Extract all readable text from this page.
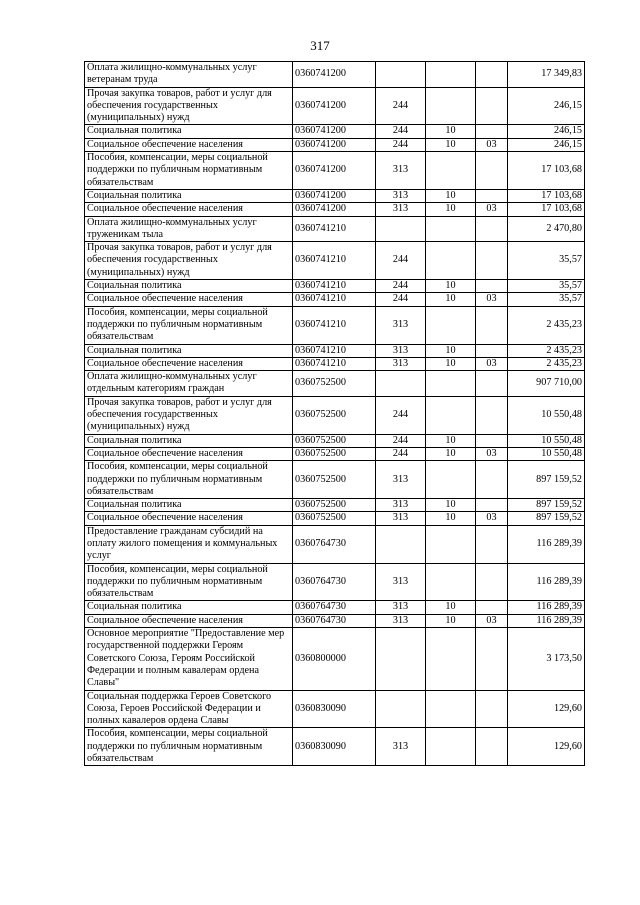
317
Оплата жилищно-коммунальных услуг ветеранам труда	0360741200				17 349,83
Прочая закупка товаров, работ и услуг для обеспечения государственных (муниципальных) нужд	0360741200	244			246,15
Социальная политика	0360741200	244	10		246,15
Социальное обеспечение населения	0360741200	244	10	03	246,15
Пособия, компенсации, меры социальной поддержки по публичным нормативным обязательствам	0360741200	313			17 103,68
Социальная политика	0360741200	313	10		17 103,68
Социальное обеспечение населения	0360741200	313	10	03	17 103,68
Оплата жилищно-коммунальных услуг труженикам тыла	0360741210				2 470,80
Прочая закупка товаров, работ и услуг для обеспечения государственных (муниципальных) нужд	0360741210	244			35,57
Социальная политика	0360741210	244	10		35,57
Социальное обеспечение населения	0360741210	244	10	03	35,57
Пособия, компенсации, меры социальной поддержки по публичным нормативным обязательствам	0360741210	313			2 435,23
Социальная политика	0360741210	313	10		2 435,23
Социальное обеспечение населения	0360741210	313	10	03	2 435,23
Оплата жилищно-коммунальных услуг отдельным категориям граждан	0360752500				907 710,00
Прочая закупка товаров, работ и услуг для обеспечения государственных (муниципальных) нужд	0360752500	244			10 550,48
Социальная политика	0360752500	244	10		10 550,48
Социальное обеспечение населения	0360752500	244	10	03	10 550,48
Пособия, компенсации, меры социальной поддержки по публичным нормативным обязательствам	0360752500	313			897 159,52
Социальная политика	0360752500	313	10		897 159,52
Социальное обеспечение населения	0360752500	313	10	03	897 159,52
Предоставление гражданам субсидий на оплату жилого помещения и коммунальных услуг	0360764730				116 289,39
Пособия, компенсации, меры социальной поддержки по публичным нормативным обязательствам	0360764730	313			116 289,39
Социальная политика	0360764730	313	10		116 289,39
Социальное обеспечение населения	0360764730	313	10	03	116 289,39
Основное мероприятие "Предоставление мер государственной поддержки Героям Советского Союза, Героям Российской Федерации и полным кавалерам ордена Славы"	0360800000				3 173,50
Социальная поддержка Героев Советского Союза, Героев Российской Федерации и полных кавалеров ордена Славы	0360830090				129,60
Пособия, компенсации, меры социальной поддержки по публичным нормативным обязательствам	0360830090	313			129,60
